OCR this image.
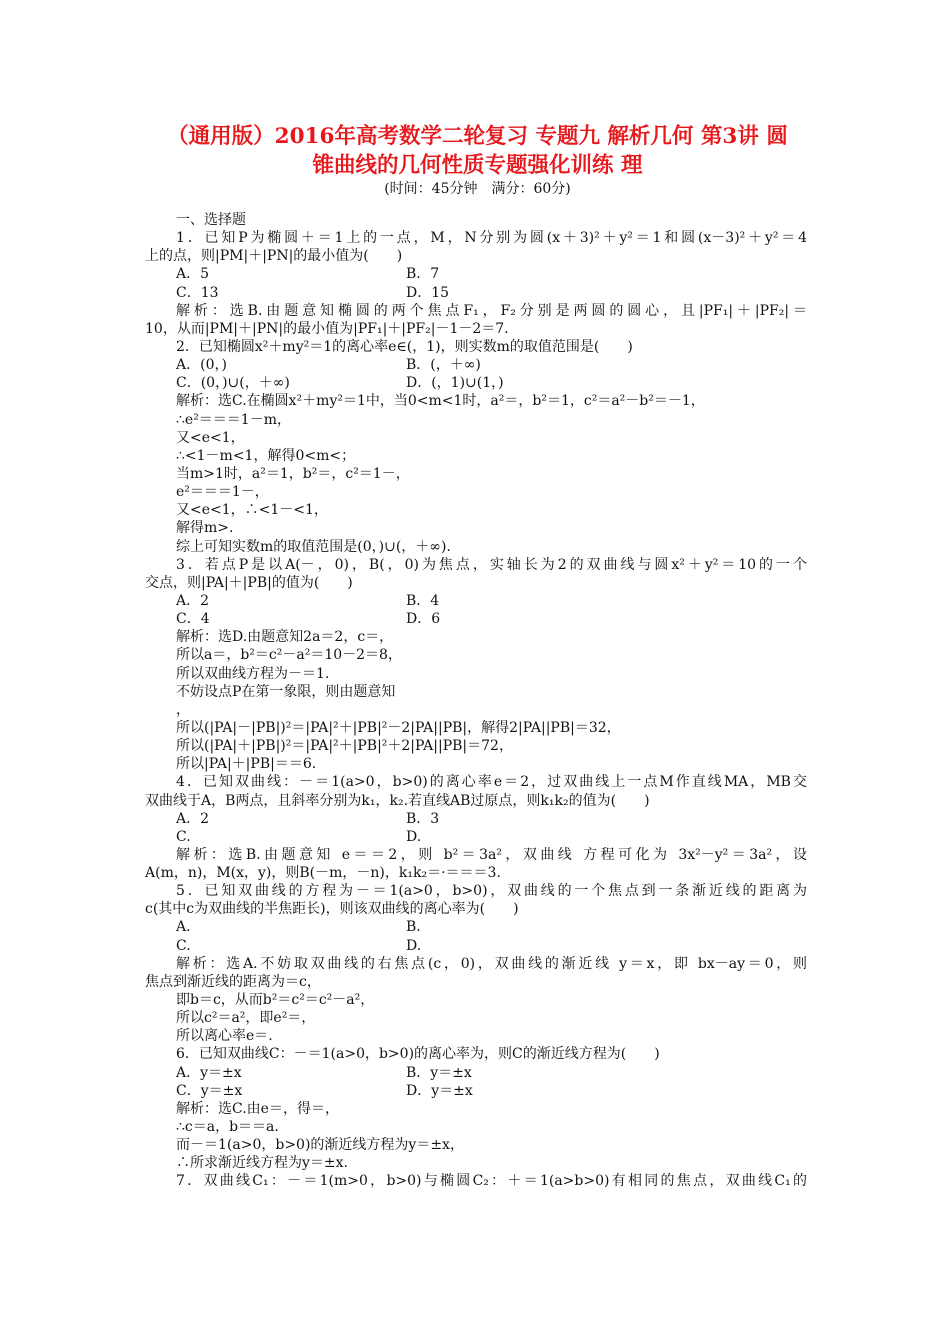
（通用版）2016年高考数学二轮复习 专题九 解析几何 第3讲 圆
锥曲线的几何性质专题强化训练 理
(时间：45分钟　满分：60分)
一、选择题
1．已知P为椭圆＋＝1上的一点，M，N分别为圆(x＋3)²＋y²＝1和圆(x－3)²＋y²＝4
上的点，则|PM|＋|PN|的最小值为(　　)
A．5	B．7
C．13	D．15
解析：选B.由题意知椭圆的两个焦点F₁，F₂分别是两圆的圆心，且|PF₁|＋|PF₂|＝
10，从而|PM|＋|PN|的最小值为|PF₁|＋|PF₂|－1－2＝7.
2．已知椭圆x²＋my²＝1的离心率e∈(，1)，则实数m的取值范围是(　　)
A．(0，)	B．(，＋∞)
C．(0，)∪(，＋∞)	D．(，1)∪(1，)
解析：选C.在椭圆x²＋my²＝1中，当0<m<1时，a²＝，b²＝1，c²＝a²－b²＝－1，
∴e²＝＝＝1－m，
又<e<1，
∴<1－m<1，解得0<m<；
当m>1时，a²＝1，b²＝，c²＝1－，
e²＝＝＝1－，
又<e<1，∴<1－<1，
解得m>.
综上可知实数m的取值范围是(0，)∪(，＋∞).
3．若点P是以A(－，0)，B(，0)为焦点，实轴长为2的双曲线与圆x²＋y²＝10的一个
交点，则|PA|＋|PB|的值为(　　)
A．2	B．4
C．4	D．6
解析：选D.由题意知2a＝2，c＝，
所以a＝，b²＝c²－a²＝10－2＝8，
所以双曲线方程为－＝1.
不妨设点P在第一象限，则由题意知
，
所以(|PA|－|PB|)²＝|PA|²＋|PB|²－2|PA||PB|，解得2|PA||PB|＝32，
所以(|PA|＋|PB|)²＝|PA|²＋|PB|²＋2|PA||PB|＝72，
所以|PA|＋|PB|＝＝6.
4．已知双曲线：－＝1(a>0，b>0)的离心率e＝2，过双曲线上一点M作直线MA，MB交
双曲线于A，B两点，且斜率分别为k₁，k₂.若直线AB过原点，则k₁k₂的值为(　　)
A．2	B．3
C.	D.
解析：选B.由题意知 e＝＝2，则 b²＝3a²，双曲线 方程可化为 3x²－y²＝3a²，设
A(m，n)，M(x，y)，则B(－m，－n)，k₁k₂＝·＝＝＝3.
5．已知双曲线的方程为－＝1(a>0，b>0)，双曲线的一个焦点到一条渐近线的距离为
c(其中c为双曲线的半焦距长)，则该双曲线的离心率为(　　)
A.	B.
C.	D.
解析：选A.不妨取双曲线的右焦点(c，0)，双曲线的渐近线 y＝x，即 bx－ay＝0，则
焦点到渐近线的距离为＝c，
即b＝c，从而b²＝c²＝c²－a²，
所以c²＝a²，即e²＝，
所以离心率e＝.
6．已知双曲线C：－＝1(a>0，b>0)的离心率为，则C的渐近线方程为(　　)
A．y＝±x	B．y＝±x
C．y＝±x	D．y＝±x
解析：选C.由e＝，得＝，
∴c＝a，b＝＝a.
而－＝1(a>0，b>0)的渐近线方程为y＝±x，
∴所求渐近线方程为y＝±x.
7．双曲线C₁：－＝1(m>0，b>0)与椭圆C₂：＋＝1(a>b>0)有相同的焦点，双曲线C₁的
